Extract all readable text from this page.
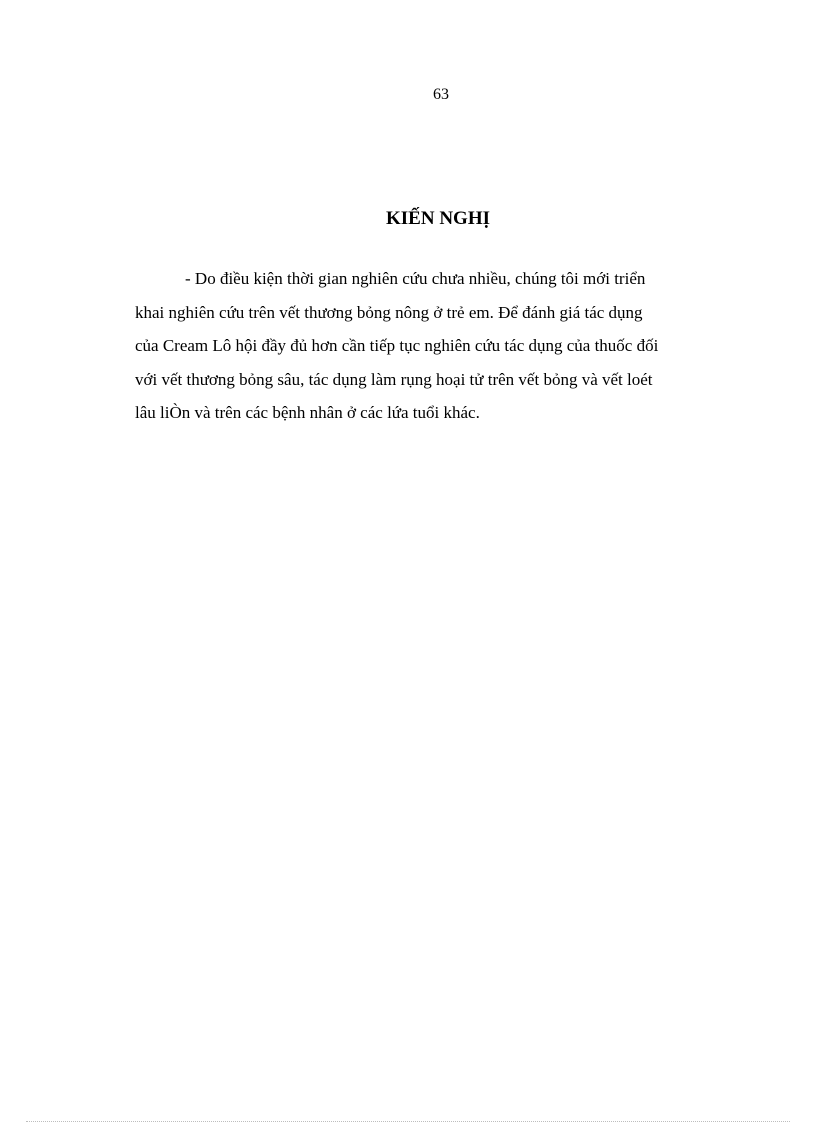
63
KIẾN NGHỊ
- Do điều kiện thời gian nghiên cứu chưa nhiều, chúng tôi mới triển
khai nghiên cứu trên vết thương bỏng nông ở trẻ em. Để đánh giá tác dụng
của Cream Lô hội đầy đủ hơn cần tiếp tục nghiên cứu tác dụng của thuốc đối
với vết thương bỏng sâu, tác dụng làm rụng hoại tử trên vết bỏng và vết loét
lâu liÒn và trên các bệnh nhân ở các lứa tuổi khác.
